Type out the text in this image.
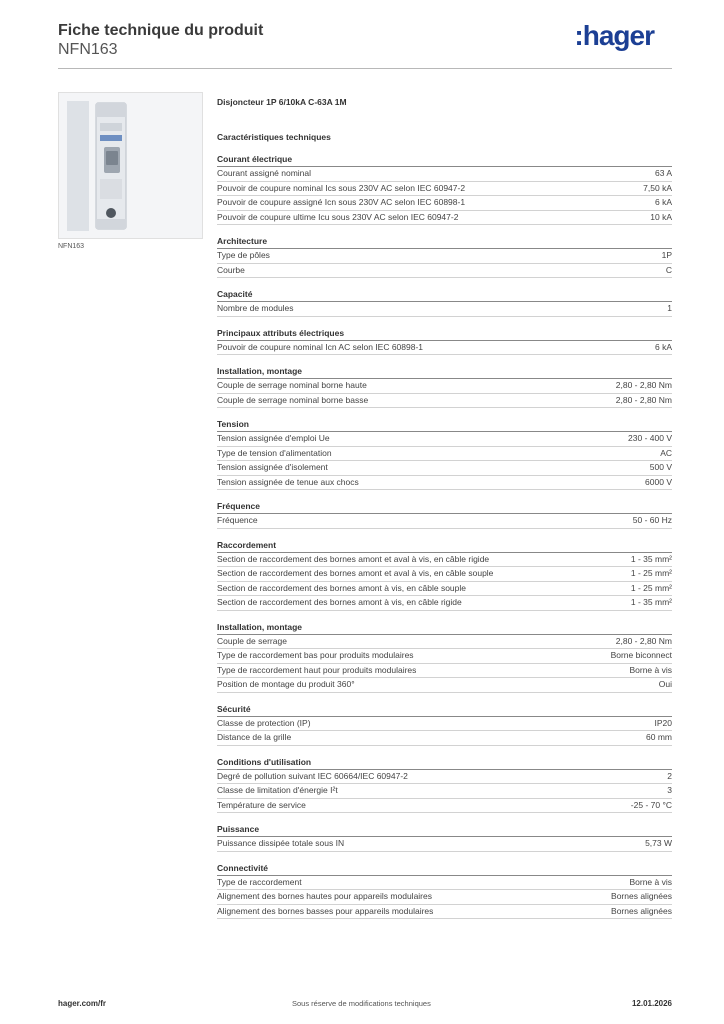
Fiche technique du produit
NFN163	:hager
NFN163
Disjoncteur 1P 6/10kA C-63A 1M
Caractéristiques techniques
Courant électrique
Courant assigné nominal	63 A
Pouvoir de coupure nominal Ics sous 230V AC selon IEC 60947-2	7,50 kA
Pouvoir de coupure assigné Icn sous 230V AC selon IEC 60898-1	6 kA
Pouvoir de coupure ultime Icu sous 230V AC selon IEC 60947-2	10 kA
Architecture
Type de pôles	1P
Courbe	C
Capacité
Nombre de modules	1
Principaux attributs électriques
Pouvoir de coupure nominal Icn AC selon IEC 60898-1	6 kA
Installation, montage
Couple de serrage nominal borne haute	2,80 - 2,80 Nm
Couple de serrage nominal borne basse	2,80 - 2,80 Nm
Tension
Tension assignée d'emploi Ue	230 - 400 V
Type de tension d'alimentation	AC
Tension assignée d'isolement	500 V
Tension assignée de tenue aux chocs	6000 V
Fréquence
Fréquence	50 - 60 Hz
Raccordement
Section de raccordement des bornes amont et aval à vis, en câble rigide	1 - 35 mm²
Section de raccordement des bornes amont et aval à vis, en câble souple	1 - 25 mm²
Section de raccordement des bornes amont à vis, en câble souple	1 - 25 mm²
Section de raccordement des bornes amont à vis, en câble rigide	1 - 35 mm²
Installation, montage
Couple de serrage	2,80 - 2,80 Nm
Type de raccordement bas pour produits modulaires	Borne biconnect
Type de raccordement haut pour produits modulaires	Borne à vis
Position de montage du produit 360°	Oui
Sécurité
Classe de protection (IP)	IP20
Distance de la grille	60 mm
Conditions d'utilisation
Degré de pollution suivant IEC 60664/IEC 60947-2	2
Classe de limitation d'énergie I²t	3
Température de service	-25 - 70 °C
Puissance
Puissance dissipée totale sous IN	5,73 W
Connectivité
Type de raccordement	Borne à vis
Alignement des bornes hautes pour appareils modulaires	Bornes alignées
Alignement des bornes basses pour appareils modulaires	Bornes alignées
hager.com/fr	Sous réserve de modifications techniques	12.01.2026
